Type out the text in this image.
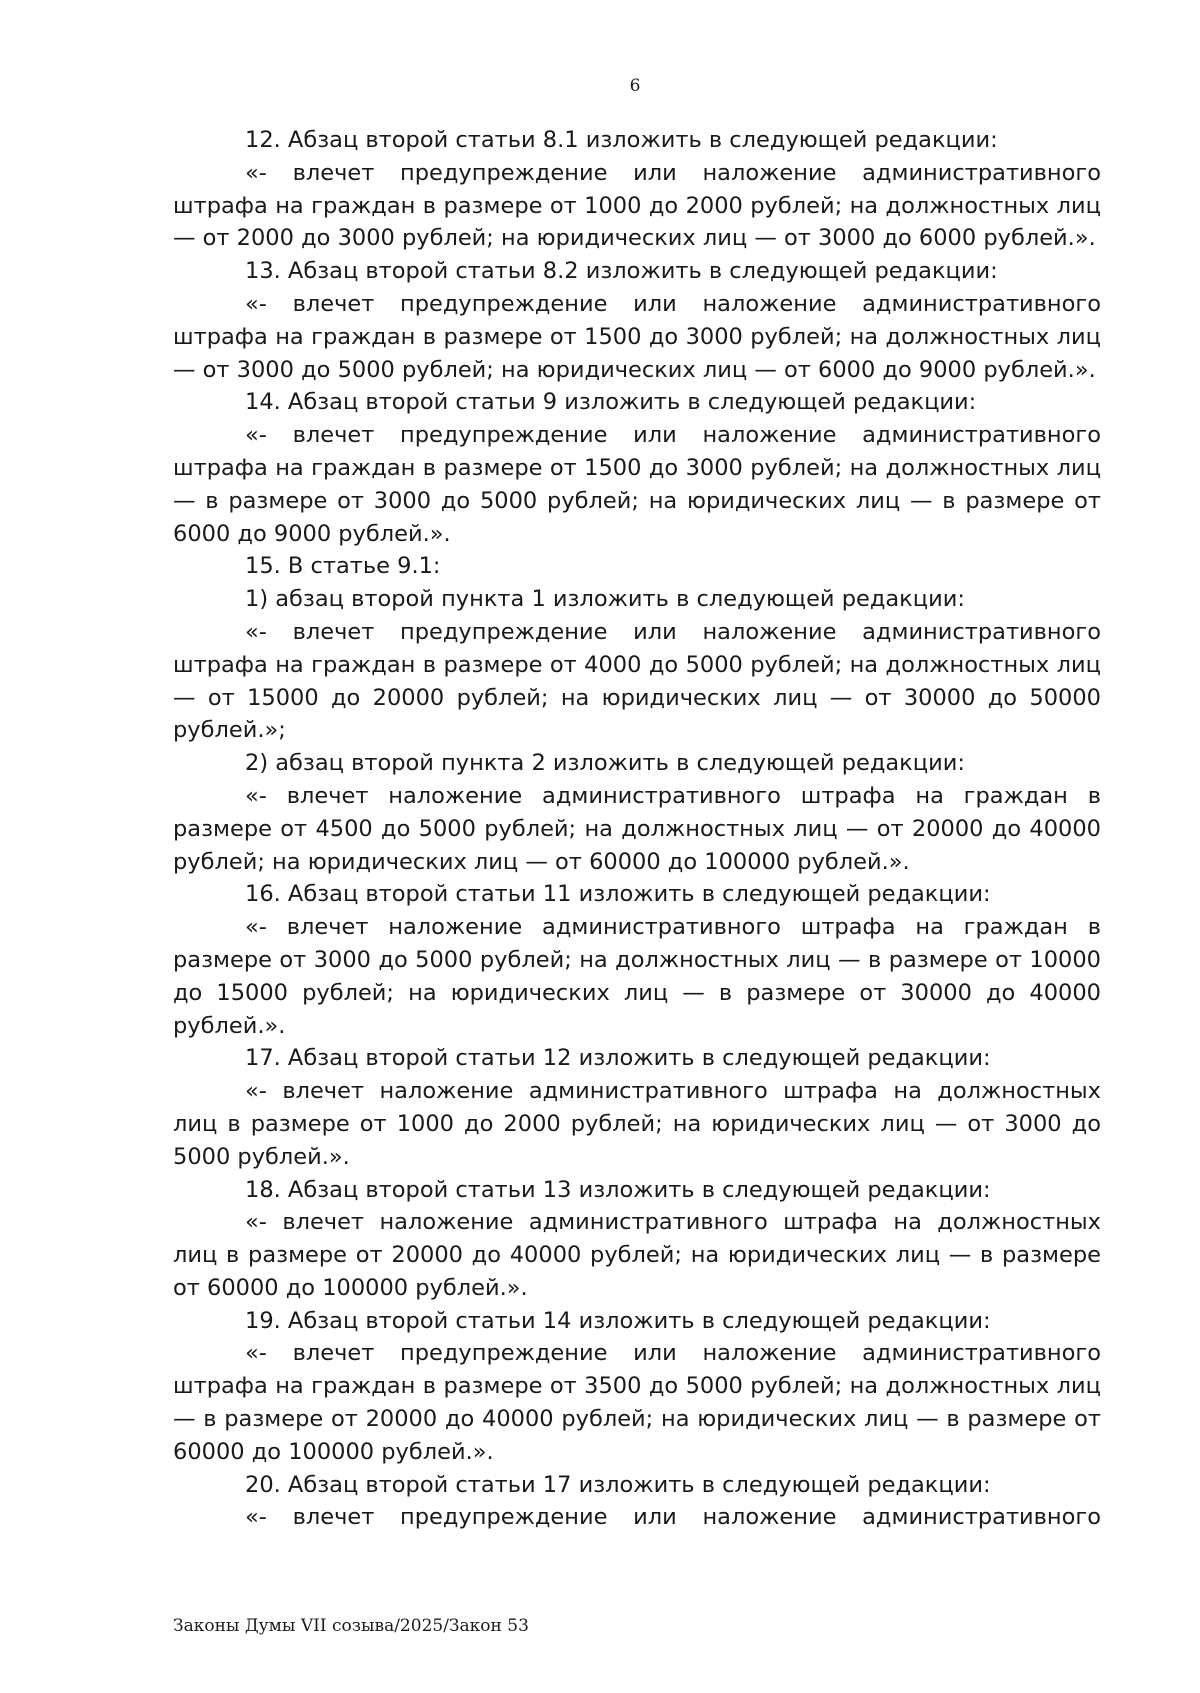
6

12. Абзац второй статьи 8.1 изложить в следующей редакции:

«- влечет предупреждение или наложение административного штрафа на граждан в размере от 1000 до 2000 рублей; на должностных лиц — от 2000 до 3000 рублей; на юридических лиц — от 3000 до 6000 рублей.».

13. Абзац второй статьи 8.2 изложить в следующей редакции:

«- влечет предупреждение или наложение административного штрафа на граждан в размере от 1500 до 3000 рублей; на должностных лиц — от 3000 до 5000 рублей; на юридических лиц — от 6000 до 9000 рублей.».

14. Абзац второй статьи 9 изложить в следующей редакции:

«- влечет предупреждение или наложение административного штрафа на граждан в размере от 1500 до 3000 рублей; на должностных лиц — в размере от 3000 до 5000 рублей; на юридических лиц — в размере от 6000 до 9000 рублей.».

15. В статье 9.1:

1) абзац второй пункта 1 изложить в следующей редакции:

«- влечет предупреждение или наложение административного штрафа на граждан в размере от 4000 до 5000 рублей; на должностных лиц — от 15000 до 20000 рублей; на юридических лиц — от 30000 до 50000 рублей.»;

2) абзац второй пункта 2 изложить в следующей редакции:

«- влечет наложение административного штрафа на граждан в размере от 4500 до 5000 рублей; на должностных лиц — от 20000 до 40000 рублей; на юридических лиц — от 60000 до 100000 рублей.».

16. Абзац второй статьи 11 изложить в следующей редакции:

«- влечет наложение административного штрафа на граждан в размере от 3000 до 5000 рублей; на должностных лиц — в размере от 10000 до 15000 рублей; на юридических лиц — в размере от 30000 до 40000 рублей.».

17. Абзац второй статьи 12 изложить в следующей редакции:

«- влечет наложение административного штрафа на должностных лиц в размере от 1000 до 2000 рублей; на юридических лиц — от 3000 до 5000 рублей.».

18. Абзац второй статьи 13 изложить в следующей редакции:

«- влечет наложение административного штрафа на должностных лиц в размере от 20000 до 40000 рублей; на юридических лиц — в размере от 60000 до 100000 рублей.».

19. Абзац второй статьи 14 изложить в следующей редакции:

«- влечет предупреждение или наложение административного штрафа на граждан в размере от 3500 до 5000 рублей; на должностных лиц — в размере от 20000 до 40000 рублей; на юридических лиц — в размере от 60000 до 100000 рублей.».

20. Абзац второй статьи 17 изложить в следующей редакции:

«- влечет предупреждение или наложение административного

Законы Думы VII созыва/2025/Закон 53
